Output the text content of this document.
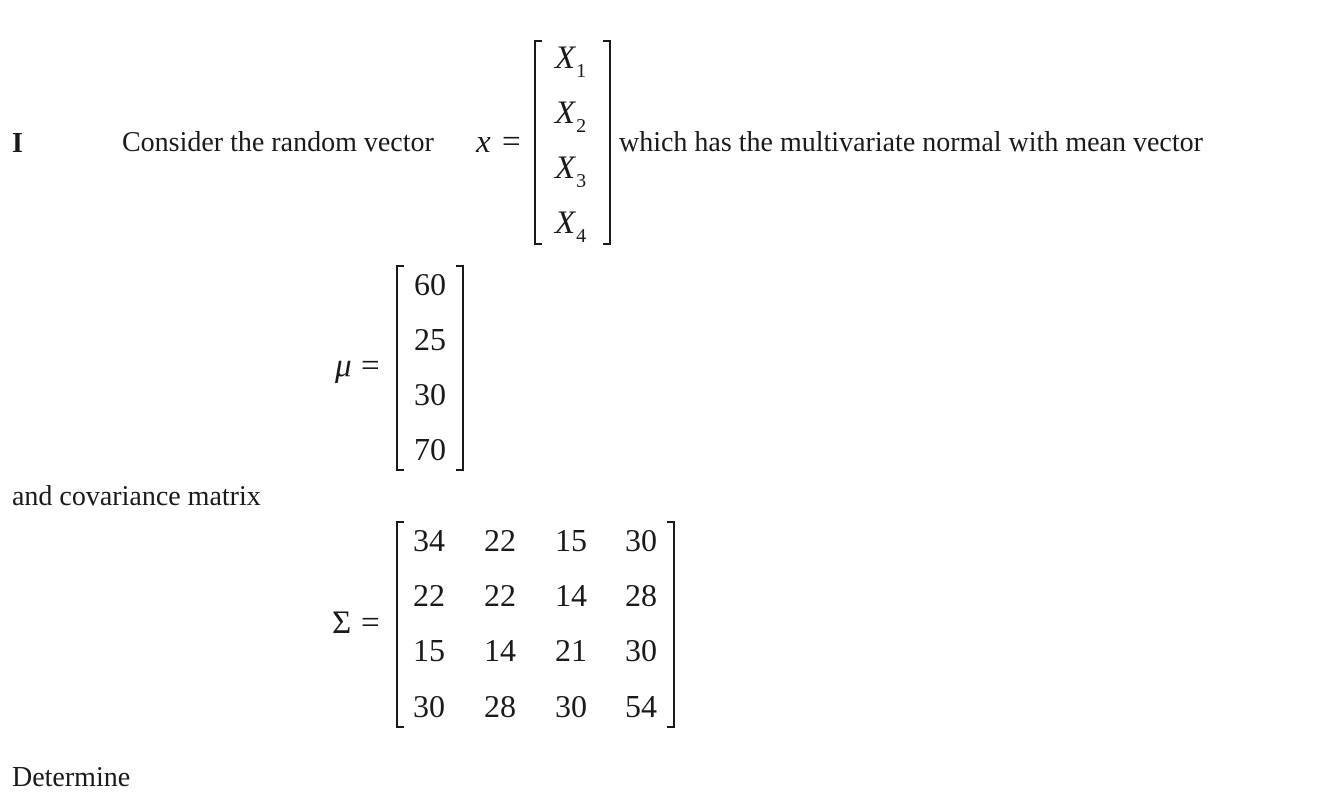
I	Consider the random vector x =
$X_1$
$X_2$
$X_3$
$X_4$
which has the multivariate normal with mean vector
μ =
60
25
30
70
and covariance matrix
Σ =
34	22	15	30
22	22	14	28
15	14	21	30
30	28	30	54
Determine
